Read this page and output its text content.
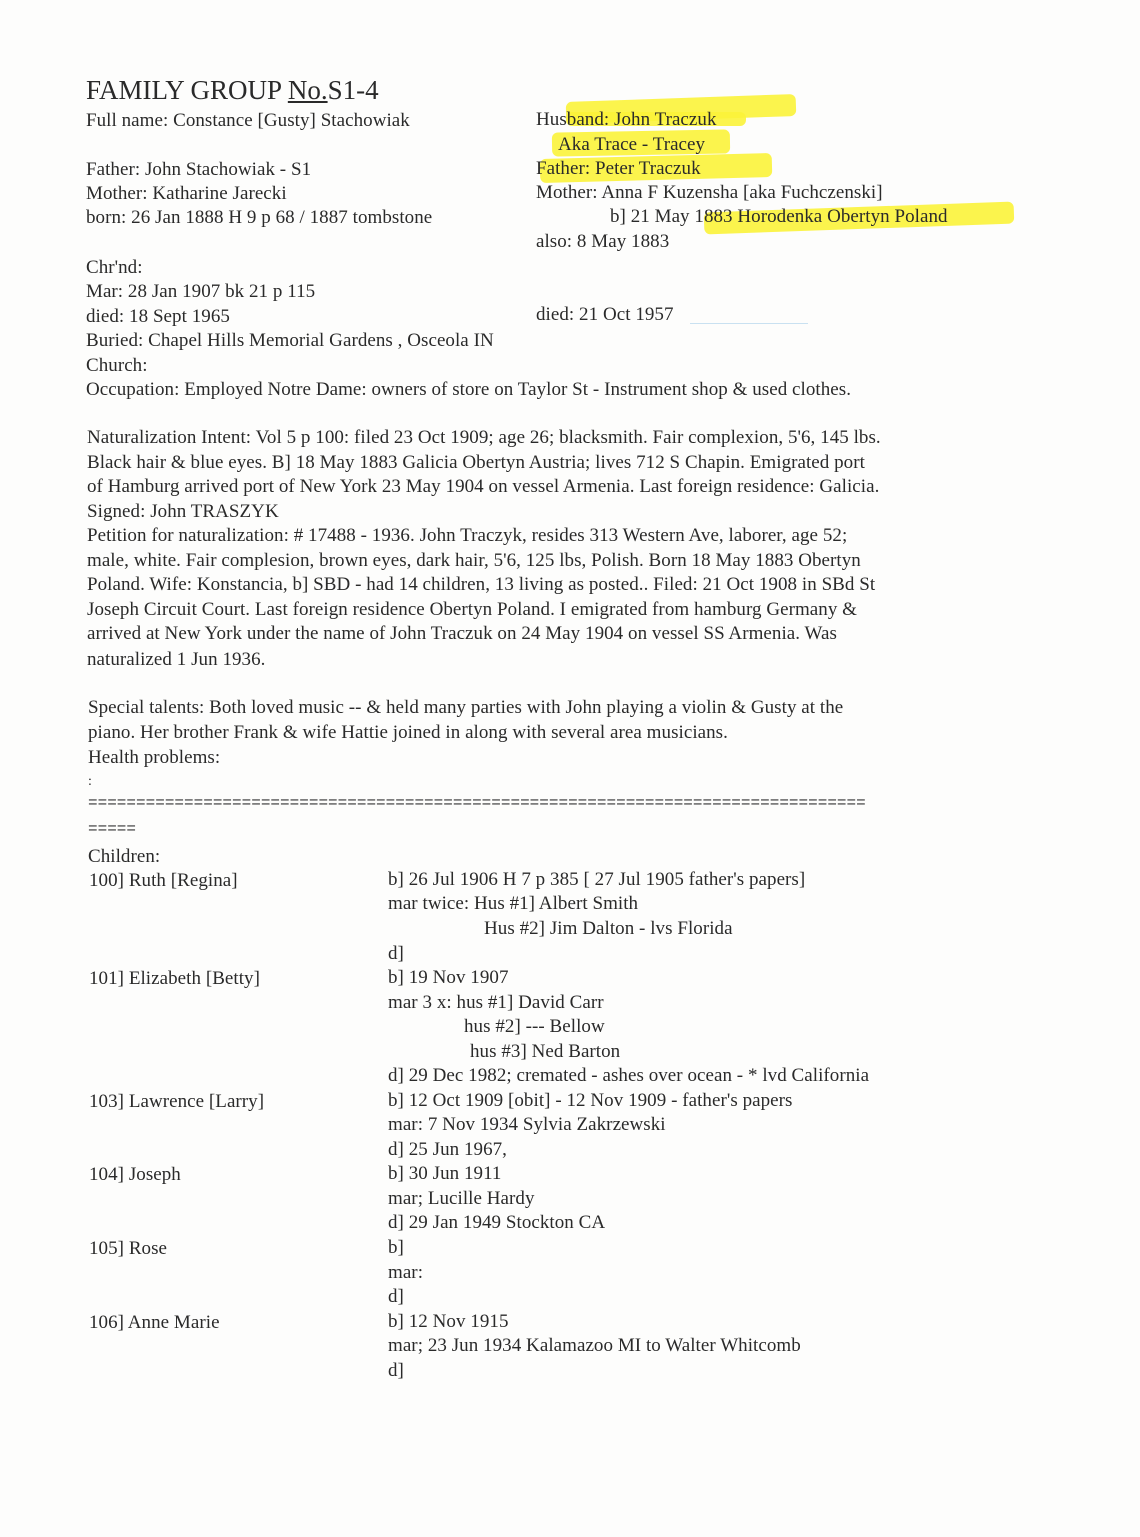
FAMILY GROUP No.S1-4
Full name: Constance [Gusty] Stachowiak
Father: John Stachowiak - S1
Mother: Katharine Jarecki
born: 26 Jan 1888 H 9 p 68 / 1887 tombstone
Chr'nd:
Mar: 28 Jan 1907 bk 21 p 115
died: 18 Sept 1965
Buried: Chapel Hills Memorial Gardens , Osceola IN
Church:
Occupation: Employed Notre Dame: owners of store on Taylor St - Instrument shop & used clothes.
Husband: John Traczuk
Aka Trace - Tracey
Father: Peter Traczuk
Mother: Anna F Kuzensha [aka Fuchczenski]
b] 21 May 1883 Horodenka Obertyn Poland
also: 8 May 1883
died: 21 Oct 1957
Naturalization Intent: Vol 5 p 100: filed 23 Oct 1909; age 26; blacksmith. Fair complexion, 5'6, 145 lbs.
Black hair & blue eyes. B] 18 May 1883 Galicia Obertyn Austria; lives 712 S Chapin. Emigrated port
of Hamburg arrived port of New York 23 May 1904 on vessel Armenia. Last foreign residence: Galicia.
Signed: John TRASZYK
Petition for naturalization: # 17488 - 1936. John Traczyk, resides 313 Western Ave, laborer, age 52;
male, white. Fair complesion, brown eyes, dark hair, 5'6, 125 lbs, Polish. Born 18 May 1883 Obertyn
Poland. Wife: Konstancia, b] SBD - had 14 children, 13 living as posted.. Filed: 21 Oct 1908 in SBd St
Joseph Circuit Court. Last foreign residence Obertyn Poland. I emigrated from hamburg Germany &
arrived at New York under the name of John Traczuk on 24 May 1904 on vessel SS Armenia. Was
naturalized 1 Jun 1936.
Special talents: Both loved music -- & held many parties with John playing a violin & Gusty at the
piano. Her brother Frank & wife Hattie joined in along with several area musicians.
Health problems:
:
=================================================================================
=====
Children:
100] Ruth [Regina]	b] 26 Jul 1906 H 7 p 385 [ 27 Jul 1905 father's papers]
mar twice: Hus #1] Albert Smith
Hus #2] Jim Dalton - lvs Florida
d]
101] Elizabeth [Betty]	b] 19 Nov 1907
mar 3 x: hus #1] David Carr
hus #2] --- Bellow
hus #3] Ned Barton
d] 29 Dec 1982; cremated - ashes over ocean - * lvd California
103] Lawrence [Larry]	b] 12 Oct 1909 [obit] - 12 Nov 1909 - father's papers
mar: 7 Nov 1934 Sylvia Zakrzewski
d] 25 Jun 1967,
104] Joseph	b] 30 Jun 1911
mar; Lucille Hardy
d] 29 Jan 1949 Stockton CA
105] Rose	b]
mar:
d]
106] Anne Marie	b] 12 Nov 1915
mar; 23 Jun 1934 Kalamazoo MI to Walter Whitcomb
d]
